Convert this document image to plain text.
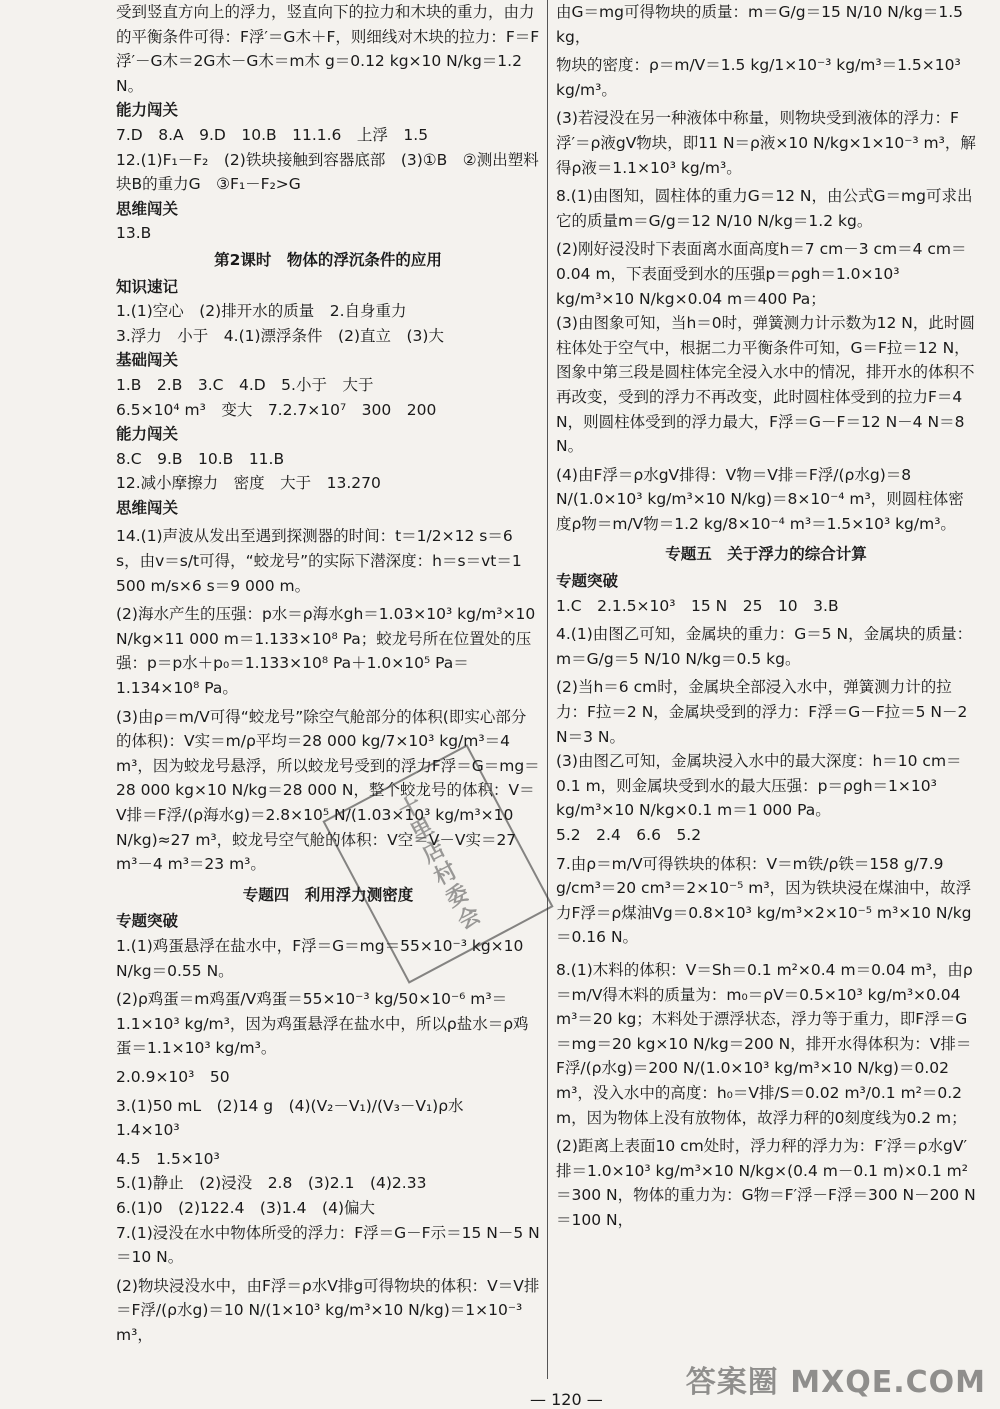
受到竖直方向上的浮力，竖直向下的拉力和木块的重力，由力的平衡条件可得：F浮′＝G木＋F，则细线对木块的拉力：F＝F浮′－G木＝2G木－G木＝m木 g＝0.12 kg×10 N/kg＝1.2 N。

能力闯关

7.D　8.A　9.D　10.B　11.1.6　上浮　1.5

12.(1)F₁－F₂　(2)铁块接触到容器底部　(3)①B　②测出塑料块B的重力G　③F₁－F₂>G

思维闯关

13.B

第2课时　物体的浮沉条件的应用

知识速记

1.(1)空心　(2)排开水的质量　2.自身重力

3.浮力　小于　4.(1)漂浮条件　(2)直立　(3)大

基础闯关

1.B　2.B　3.C　4.D　5.小于　大于

6.5×10⁴ m³　变大　7.2.7×10⁷　300　200

能力闯关

8.C　9.B　10.B　11.B

12.减小摩擦力　密度　大于　13.270

思维闯关

14.(1)声波从发出至遇到探测器的时间：t＝1/2×12 s＝6 s，由v＝s/t可得，“蛟龙号”的实际下潜深度：h＝s＝vt＝1 500 m/s×6 s＝9 000 m。

(2)海水产生的压强：p水＝ρ海水gh＝1.03×10³ kg/m³×10 N/kg×11 000 m＝1.133×10⁸ Pa；蛟龙号所在位置处的压强：p＝p水＋p₀＝1.133×10⁸ Pa＋1.0×10⁵ Pa＝1.134×10⁸ Pa。

(3)由ρ＝m/V可得“蛟龙号”除空气舱部分的体积(即实心部分的体积)：V实＝m/ρ平均＝28 000 kg/7×10³ kg/m³＝4 m³，因为蛟龙号悬浮，所以蛟龙号受到的浮力F浮＝G＝mg＝28 000 kg×10 N/kg＝28 000 N，整个蛟龙号的体积：V＝V排＝F浮/(ρ海水g)＝2.8×10⁵ N/(1.03×10³ kg/m³×10 N/kg)≈27 m³，蛟龙号空气舱的体积：V空＝V－V实＝27 m³－4 m³＝23 m³。

专题四　利用浮力测密度

专题突破

1.(1)鸡蛋悬浮在盐水中，F浮＝G＝mg＝55×10⁻³ kg×10 N/kg＝0.55 N。

(2)ρ鸡蛋＝m鸡蛋/V鸡蛋＝55×10⁻³ kg/50×10⁻⁶ m³＝1.1×10³ kg/m³，因为鸡蛋悬浮在盐水中，所以ρ盐水＝ρ鸡蛋＝1.1×10³ kg/m³。

2.0.9×10³　50

3.(1)50 mL　(2)14 g　(4)(V₂－V₁)/(V₃－V₁)ρ水　1.4×10³

4.5　1.5×10³

5.(1)静止　(2)浸没　2.8　(3)2.1　(4)2.33

6.(1)0　(2)122.4　(3)1.4　(4)偏大

7.(1)浸没在水中物体所受的浮力：F浮＝G－F示＝15 N－5 N＝10 N。

(2)物块浸没水中，由F浮＝ρ水V排g可得物块的体积：V＝V排＝F浮/(ρ水g)＝10 N/(1×10³ kg/m³×10 N/kg)＝1×10⁻³ m³，

由G＝mg可得物块的质量：m＝G/g＝15 N/10 N/kg＝1.5 kg，

物块的密度：ρ＝m/V＝1.5 kg/1×10⁻³ kg/m³＝1.5×10³ kg/m³。

(3)若浸没在另一种液体中称量，则物块受到液体的浮力：F浮′＝ρ液gV物块，即11 N＝ρ液×10 N/kg×1×10⁻³ m³，解得ρ液＝1.1×10³ kg/m³。

8.(1)由图知，圆柱体的重力G＝12 N，由公式G＝mg可求出它的质量m＝G/g＝12 N/10 N/kg＝1.2 kg。

(2)刚好浸没时下表面离水面高度h＝7 cm－3 cm＝4 cm＝0.04 m，下表面受到水的压强p＝ρgh＝1.0×10³ kg/m³×10 N/kg×0.04 m＝400 Pa；

(3)由图象可知，当h＝0时，弹簧测力计示数为12 N，此时圆柱体处于空气中，根据二力平衡条件可知，G＝F拉＝12 N，图象中第三段是圆柱体完全浸入水中的情况，排开水的体积不再改变，受到的浮力不再改变，此时圆柱体受到的拉力F＝4 N，则圆柱体受到的浮力最大，F浮＝G－F＝12 N－4 N＝8 N。

(4)由F浮＝ρ水gV排得：V物＝V排＝F浮/(ρ水g)＝8 N/(1.0×10³ kg/m³×10 N/kg)＝8×10⁻⁴ m³，则圆柱体密度ρ物＝m/V物＝1.2 kg/8×10⁻⁴ m³＝1.5×10³ kg/m³。

专题五　关于浮力的综合计算

专题突破

1.C　2.1.5×10³　15 N　25　10　3.B

4.(1)由图乙可知，金属块的重力：G＝5 N，金属块的质量：m＝G/g＝5 N/10 N/kg＝0.5 kg。

(2)当h＝6 cm时，金属块全部浸入水中，弹簧测力计的拉力：F拉＝2 N，金属块受到的浮力：F浮＝G－F拉＝5 N－2 N＝3 N。

(3)由图乙可知，金属块浸入水中的最大深度：h＝10 cm＝0.1 m，则金属块受到水的最大压强：p＝ρgh＝1×10³ kg/m³×10 N/kg×0.1 m＝1 000 Pa。

5.2　2.4　6.6　5.2

7.由ρ＝m/V可得铁块的体积：V＝m铁/ρ铁＝158 g/7.9 g/cm³＝20 cm³＝2×10⁻⁵ m³，因为铁块浸在煤油中，故浮力F浮＝ρ煤油Vg＝0.8×10³ kg/m³×2×10⁻⁵ m³×10 N/kg＝0.16 N。

8.(1)木料的体积：V＝Sh＝0.1 m²×0.4 m＝0.04 m³，由ρ＝m/V得木料的质量为：m₀＝ρV＝0.5×10³ kg/m³×0.04 m³＝20 kg；木料处于漂浮状态，浮力等于重力，即F浮＝G＝mg＝20 kg×10 N/kg＝200 N，排开水得体积为：V排＝F浮/(ρ水g)＝200 N/(1.0×10³ kg/m³×10 N/kg)＝0.02 m³，没入水中的高度：h₀＝V排/S＝0.02 m³/0.1 m²＝0.2 m，因为物体上没有放物体，故浮力秤的0刻度线为0.2 m；

(2)距离上表面10 cm处时，浮力秤的浮力为：F′浮＝ρ水gV′排＝1.0×10³ kg/m³×10 N/kg×(0.4 m－0.1 m)×0.1 m²＝300 N，物体的重力为：G物＝F′浮－F浮＝300 N－200 N＝100 N，

十里店村委会
— 120 —	答案圈 MXQE.COM
